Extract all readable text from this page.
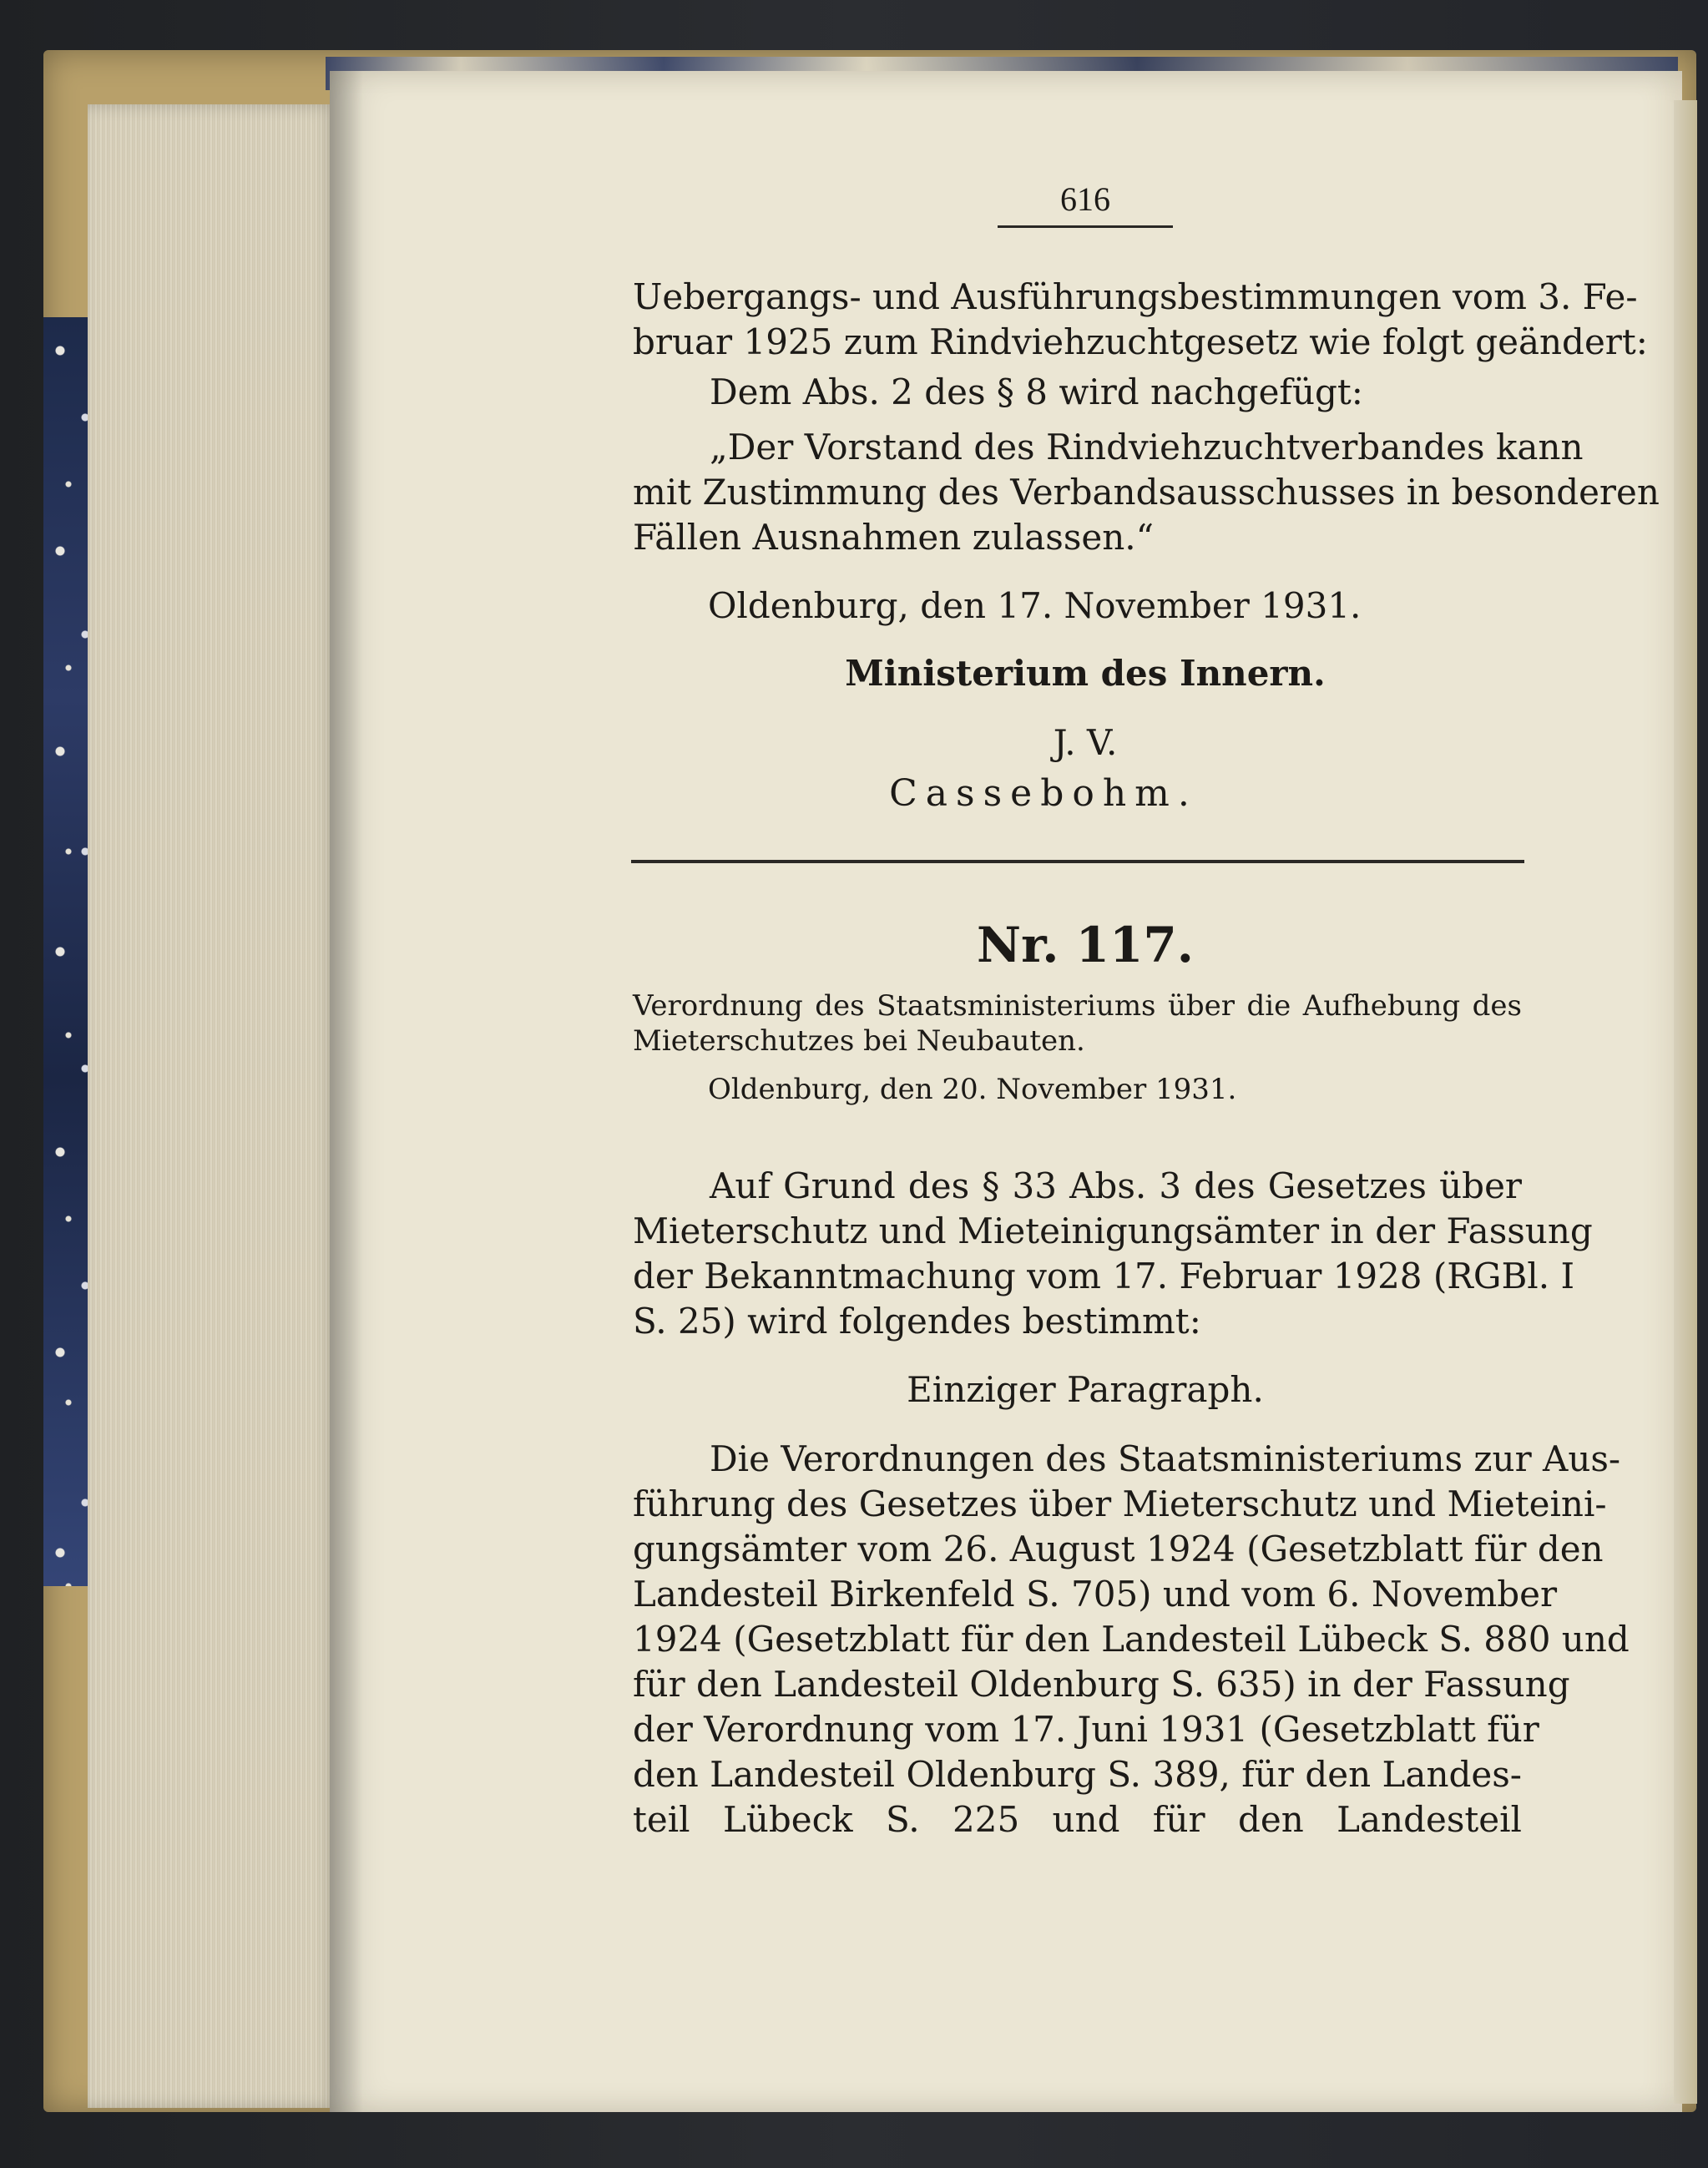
616
Uebergangs- und Ausführungsbestimmungen vom 3. Fe-
bruar 1925 zum Rindviehzuchtgesetz wie folgt geändert:
Dem Abs. 2 des § 8 wird nachgefügt:
„Der Vorstand des Rindviehzuchtverbandes kann
mit Zustimmung des Verbandsausschusses in besonderen
Fällen Ausnahmen zulassen.“
Oldenburg, den 17. November 1931.
Ministerium des Innern.
J. V.
Cassebohm.
Nr. 117.
Verordnung des Staatsministeriums über die Aufhebung des
Mieterschutzes bei Neubauten.
Oldenburg, den 20. November 1931.
Auf Grund des § 33 Abs. 3 des Gesetzes über
Mieterschutz und Mieteinigungsämter in der Fassung
der Bekanntmachung vom 17. Februar 1928 (RGBl. I
S. 25) wird folgendes bestimmt:
Einziger Paragraph.
Die Verordnungen des Staatsministeriums zur Aus-
führung des Gesetzes über Mieterschutz und Mieteini-
gungsämter vom 26. August 1924 (Gesetzblatt für den
Landesteil Birkenfeld S. 705) und vom 6. November
1924 (Gesetzblatt für den Landesteil Lübeck S. 880 und
für den Landesteil Oldenburg S. 635) in der Fassung
der Verordnung vom 17. Juni 1931 (Gesetzblatt für
den Landesteil Oldenburg S. 389, für den Landes-
teil Lübeck S. 225 und für den Landesteil
